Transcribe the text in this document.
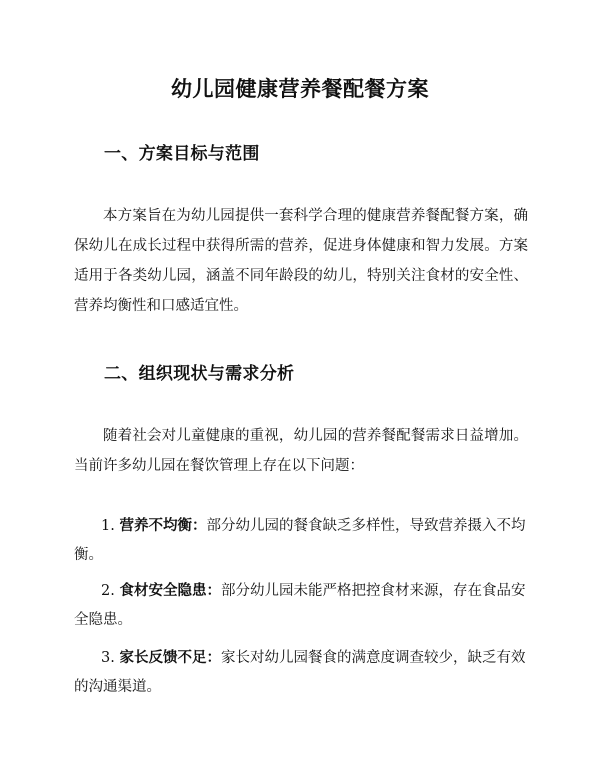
幼儿园健康营养餐配餐方案
一、方案目标与范围

本方案旨在为幼儿园提供一套科学合理的健康营养餐配餐方案，确保幼儿在成长过程中获得所需的营养，促进身体健康和智力发展。方案适用于各类幼儿园，涵盖不同年龄段的幼儿，特别关注食材的安全性、营养均衡性和口感适宜性。

二、组织现状与需求分析

随着社会对儿童健康的重视，幼儿园的营养餐配餐需求日益增加。当前许多幼儿园在餐饮管理上存在以下问题：

1. 营养不均衡：部分幼儿园的餐食缺乏多样性，导致营养摄入不均衡。

2. 食材安全隐患：部分幼儿园未能严格把控食材来源，存在食品安全隐患。

3. 家长反馈不足：家长对幼儿园餐食的满意度调查较少，缺乏有效的沟通渠道。
